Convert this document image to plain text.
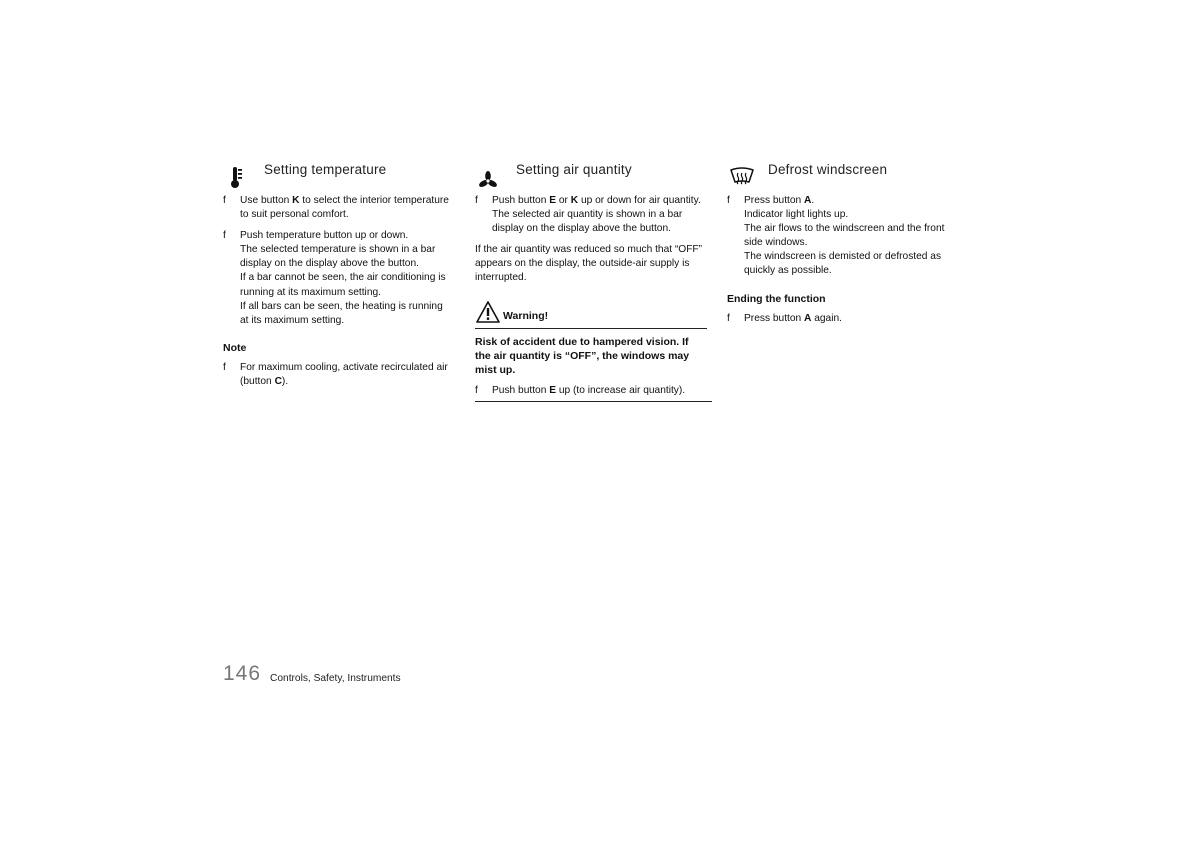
Setting temperature
f Use button K to select the interior temperature
to suit personal comfort.
f Push temperature button up or down.
The selected temperature is shown in a bar
display on the display above the button.
If a bar cannot be seen, the air conditioning is
running at its maximum setting.
If all bars can be seen, the heating is running
at its maximum setting.
Note
f For maximum cooling, activate recirculated air
(button C).
Setting air quantity
f Push button E or K up or down for air quantity.
The selected air quantity is shown in a bar
display on the display above the button.
If the air quantity was reduced so much that “OFF”
appears on the display, the outside-air supply is
interrupted.
Warning!
Risk of accident due to hampered vision. If
the air quantity is “OFF”, the windows may
mist up.
f Push button E up (to increase air quantity).
Defrost windscreen
f Press button A.
Indicator light lights up.
The air flows to the windscreen and the front
side windows.
The windscreen is demisted or defrosted as
quickly as possible.
Ending the function
f Press button A again.
146 Controls, Safety, Instruments
